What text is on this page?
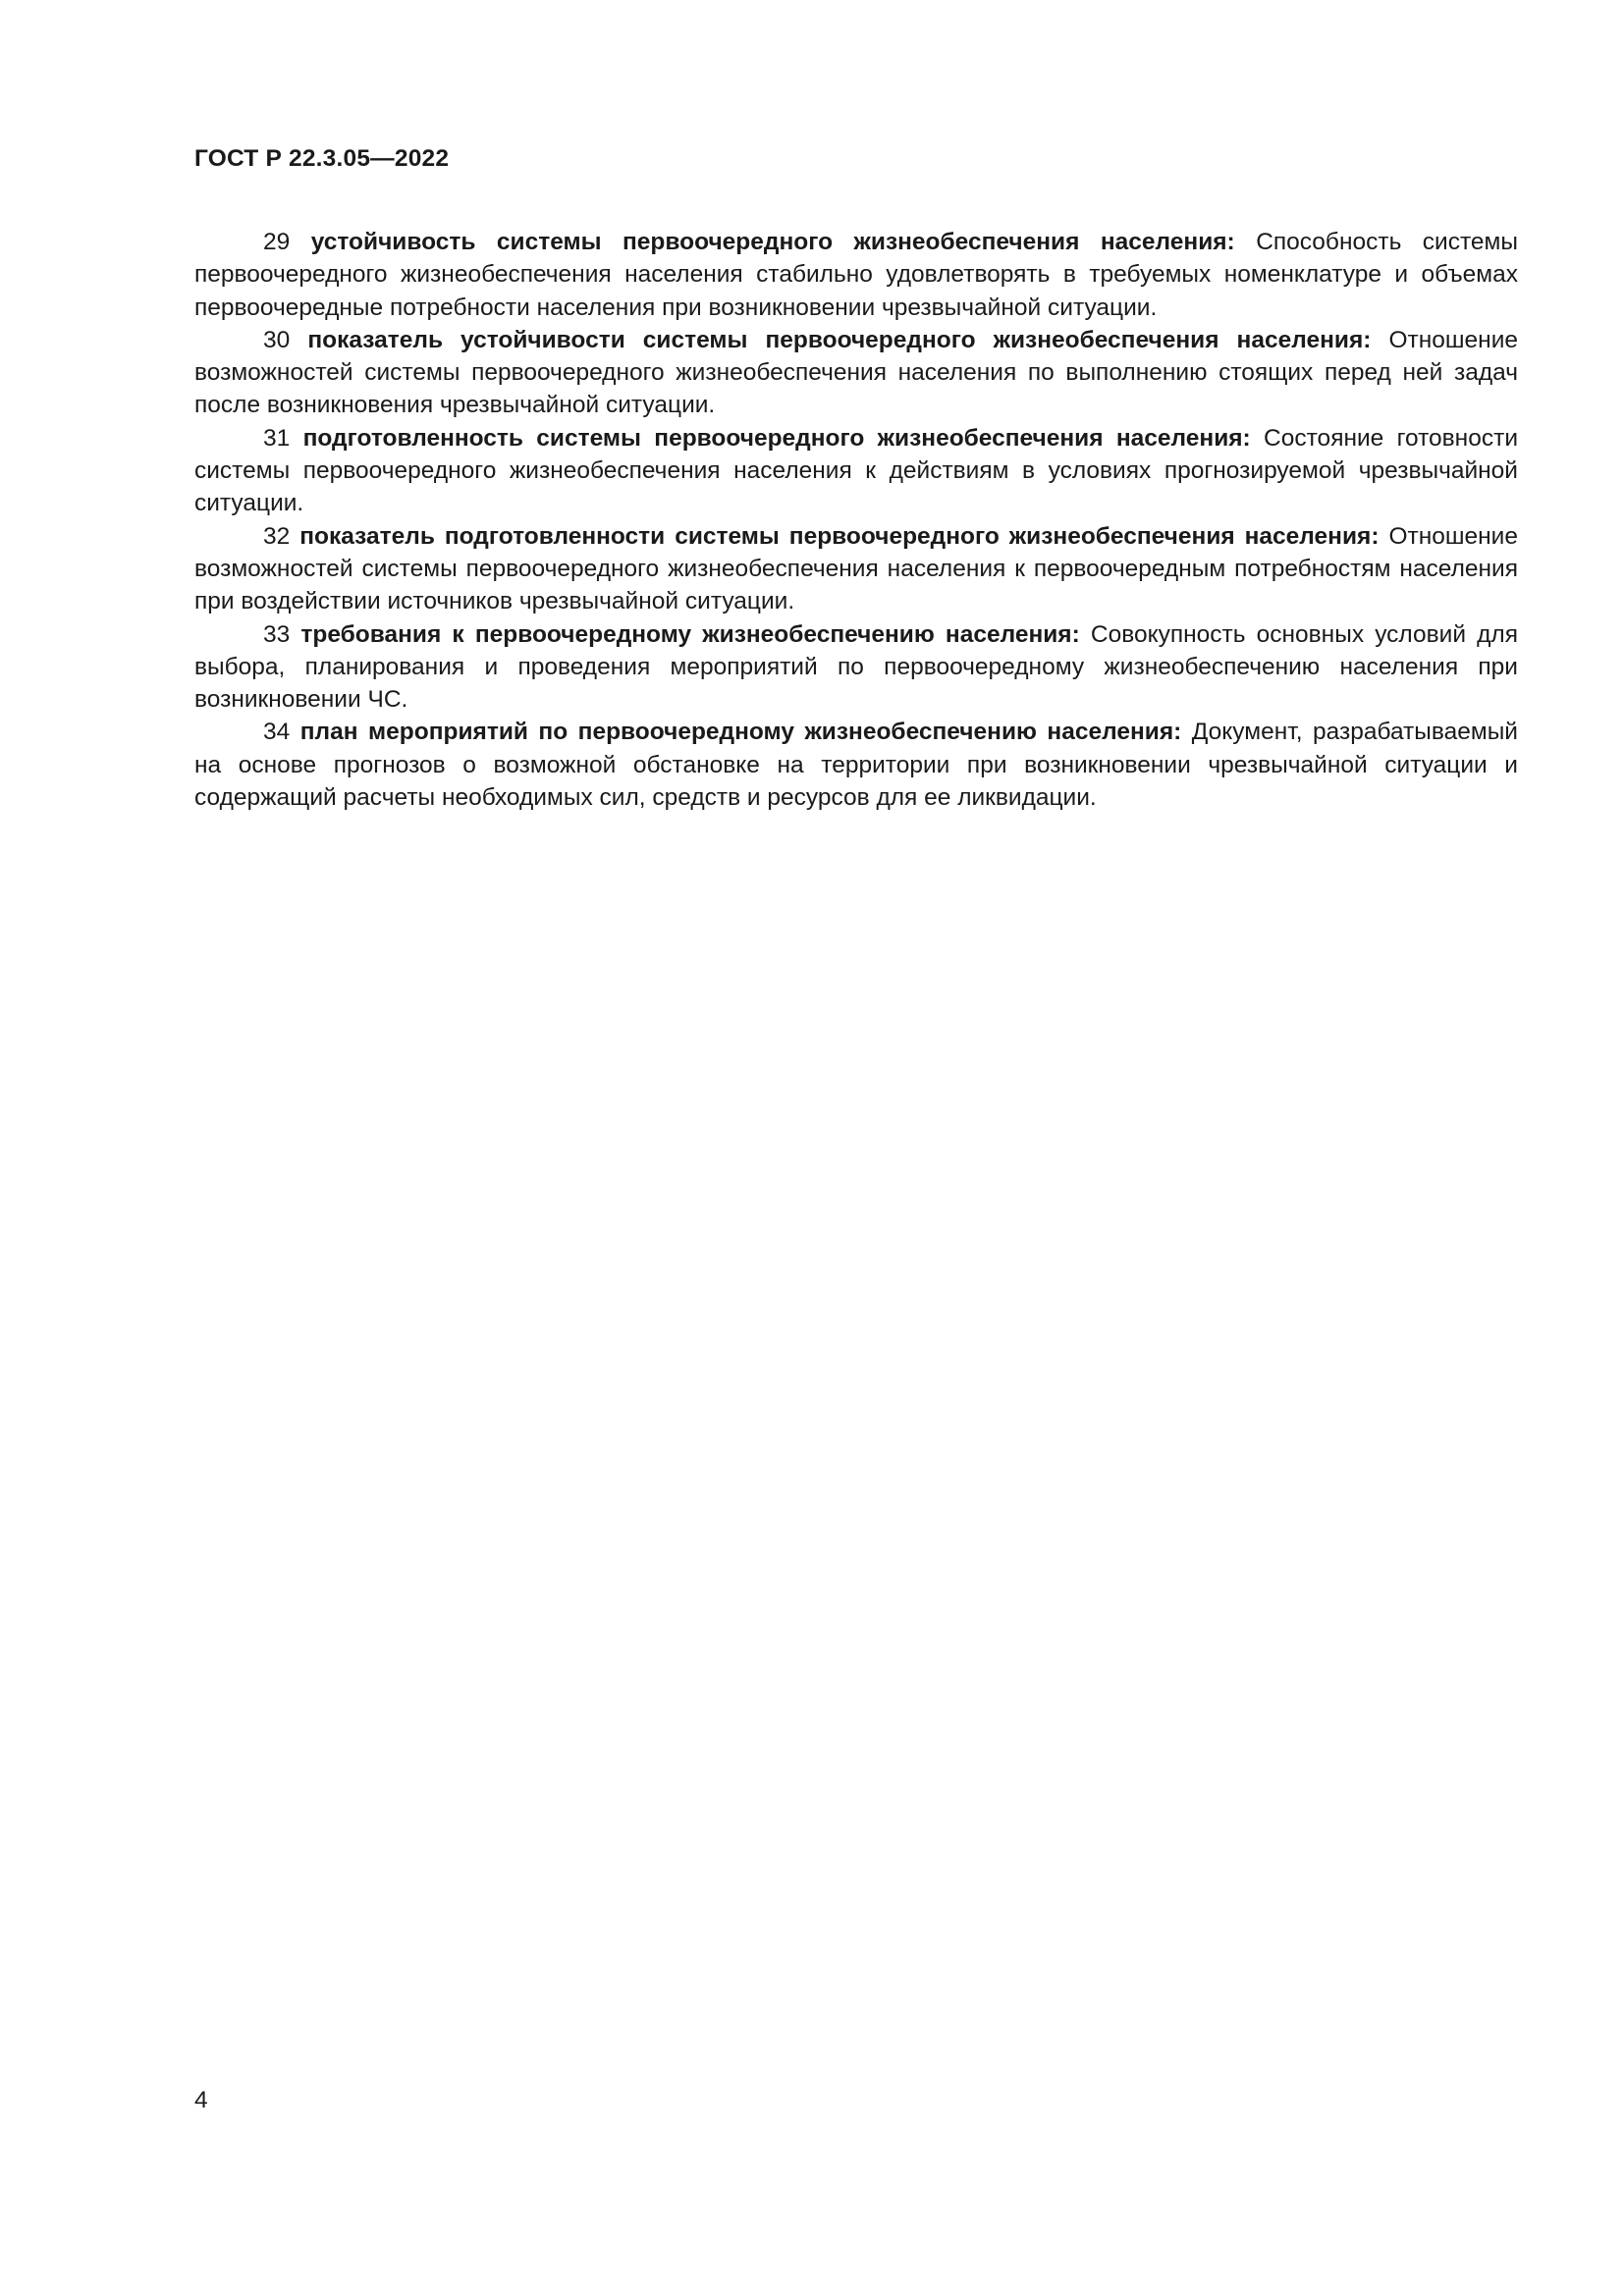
ГОСТ Р 22.3.05—2022

29 устойчивость системы первоочередного жизнеобеспечения населения: Способность системы первоочередного жизнеобеспечения населения стабильно удовлетворять в требуемых номенклатуре и объемах первоочередные потребности населения при возникновении чрезвычайной ситуации.

30 показатель устойчивости системы первоочередного жизнеобеспечения населения: Отношение возможностей системы первоочередного жизнеобеспечения населения по выполнению стоящих перед ней задач после возникновения чрезвычайной ситуации.

31 подготовленность системы первоочередного жизнеобеспечения населения: Состояние готовности системы первоочередного жизнеобеспечения населения к действиям в условиях прогнозируемой чрезвычайной ситуации.

32 показатель подготовленности системы первоочередного жизнеобеспечения населения: Отношение возможностей системы первоочередного жизнеобеспечения населения к первоочередным потребностям населения при воздействии источников чрезвычайной ситуации.

33 требования к первоочередному жизнеобеспечению населения: Совокупность основных условий для выбора, планирования и проведения мероприятий по первоочередному жизнеобеспечению населения при возникновении ЧС.

34 план мероприятий по первоочередному жизнеобеспечению населения: Документ, разрабатываемый на основе прогнозов о возможной обстановке на территории при возникновении чрезвычайной ситуации и содержащий расчеты необходимых сил, средств и ресурсов для ее ликвидации.

4
